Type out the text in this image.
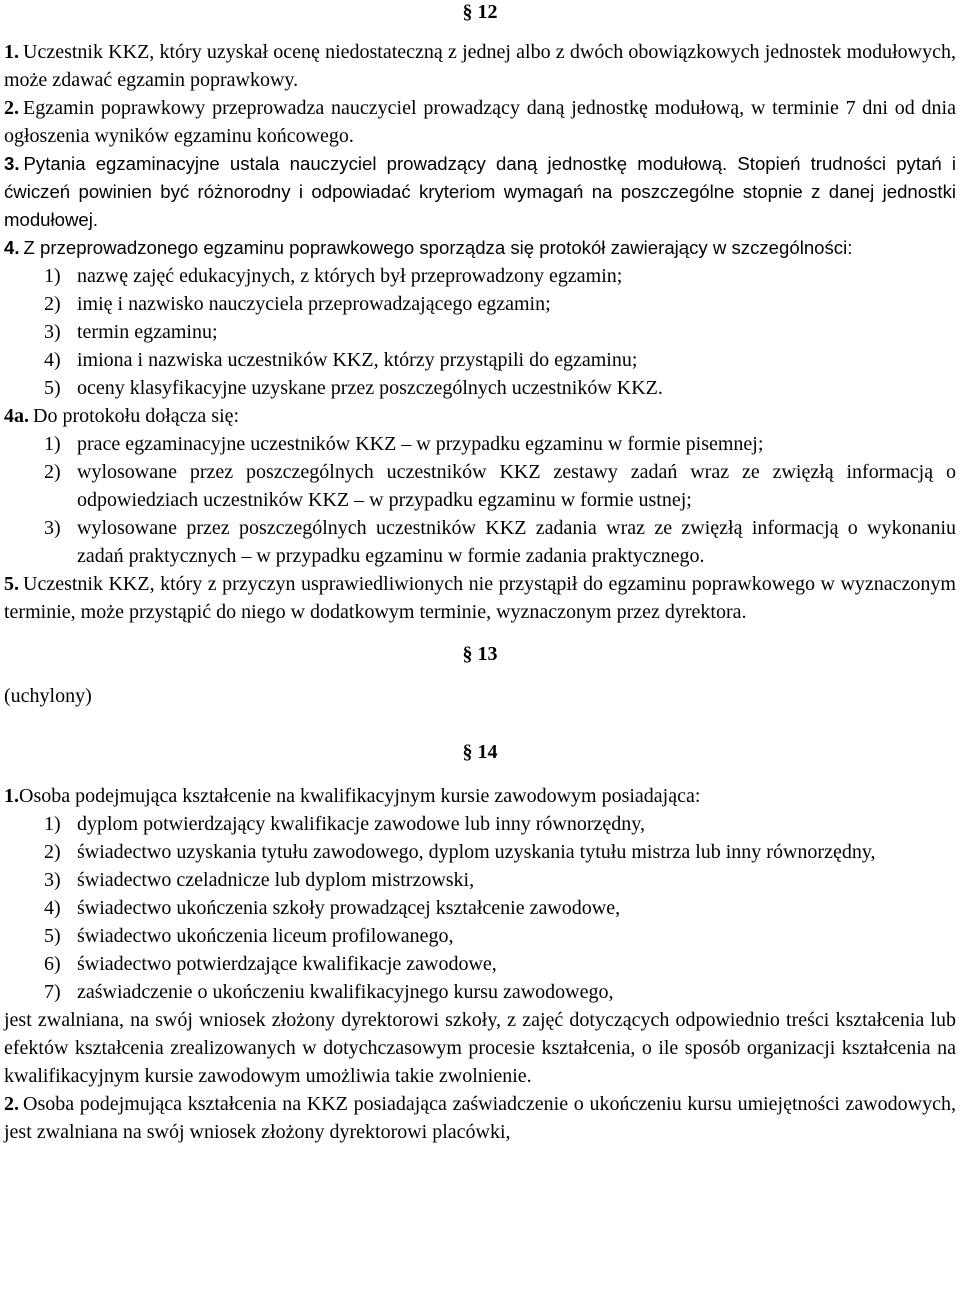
§ 12

1. Uczestnik KKZ, który uzyskał ocenę niedostateczną z jednej albo z dwóch obowiązkowych jednostek modułowych, może zdawać egzamin poprawkowy.

2. Egzamin poprawkowy przeprowadza nauczyciel prowadzący daną jednostkę modułową, w terminie 7 dni od dnia ogłoszenia wyników egzaminu końcowego.

3. Pytania egzaminacyjne ustala nauczyciel prowadzący daną jednostkę modułową. Stopień trudności pytań i ćwiczeń powinien być różnorodny i odpowiadać kryteriom wymagań na poszczególne stopnie z danej jednostki modułowej.

4. Z przeprowadzonego egzaminu poprawkowego sporządza się protokół zawierający w szczególności:

1) nazwę zajęć edukacyjnych, z których był przeprowadzony egzamin;

2) imię i nazwisko nauczyciela przeprowadzającego egzamin;

3) termin egzaminu;

4) imiona i nazwiska uczestników KKZ, którzy przystąpili do egzaminu;

5) oceny klasyfikacyjne uzyskane przez poszczególnych uczestników KKZ.

4a. Do protokołu dołącza się:

1) prace egzaminacyjne uczestników KKZ – w przypadku egzaminu w formie pisemnej;

2) wylosowane przez poszczególnych uczestników KKZ zestawy zadań wraz ze zwięzłą informacją o odpowiedziach uczestników KKZ – w przypadku egzaminu w formie ustnej;

3) wylosowane przez poszczególnych uczestników KKZ zadania wraz ze zwięzłą informacją o wykonaniu zadań praktycznych – w przypadku egzaminu w formie zadania praktycznego.

5. Uczestnik KKZ, który z przyczyn usprawiedliwionych nie przystąpił do egzaminu poprawkowego w wyznaczonym terminie, może przystąpić do niego w dodatkowym terminie, wyznaczonym przez dyrektora.

§ 13

(uchylony)

§ 14

1.Osoba podejmująca kształcenie na kwalifikacyjnym kursie zawodowym posiadająca:

1) dyplom potwierdzający kwalifikacje zawodowe lub inny równorzędny,

2) świadectwo uzyskania tytułu zawodowego, dyplom uzyskania tytułu mistrza lub inny równorzędny,

3) świadectwo czeladnicze lub dyplom mistrzowski,

4) świadectwo ukończenia szkoły prowadzącej kształcenie zawodowe,

5) świadectwo ukończenia liceum profilowanego,

6) świadectwo potwierdzające kwalifikacje zawodowe,

7) zaświadczenie o ukończeniu kwalifikacyjnego kursu zawodowego,

jest zwalniana, na swój wniosek złożony dyrektorowi szkoły, z zajęć dotyczących odpowiednio treści kształcenia lub efektów kształcenia zrealizowanych w dotychczasowym procesie kształcenia, o ile sposób organizacji kształcenia na kwalifikacyjnym kursie zawodowym umożliwia takie zwolnienie.

2. Osoba podejmująca kształcenia na KKZ posiadająca zaświadczenie o ukończeniu kursu umiejętności zawodowych, jest zwalniana na swój wniosek złożony dyrektorowi placówki,
